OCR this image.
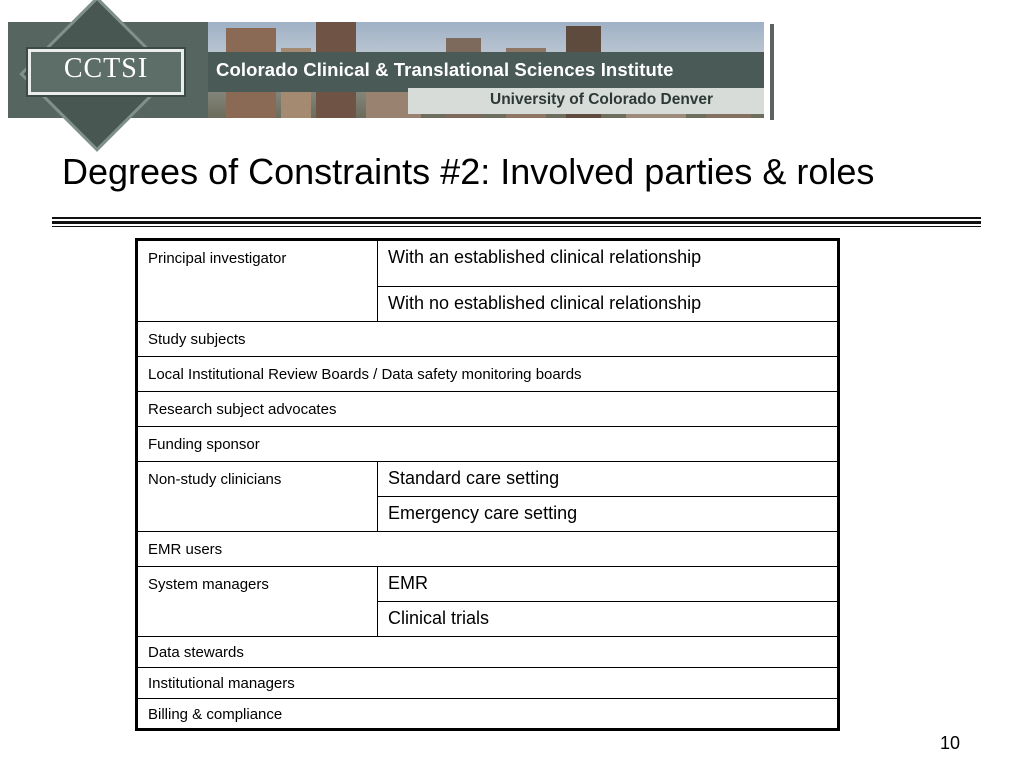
Colorado Clinical & Translational Sciences Institute
University of Colorado Denver
CCTSI
Degrees of Constraints #2: Involved parties & roles
Principal investigator	With an established clinical relationship
	With no established clinical relationship
Study subjects	
Local Institutional Review Boards / Data safety monitoring boards	
Research subject advocates	
Funding sponsor	
Non-study clinicians	Standard care setting
	Emergency care setting
EMR users	
System managers	EMR
	Clinical trials
Data stewards	
Institutional managers	
Billing & compliance	
10
